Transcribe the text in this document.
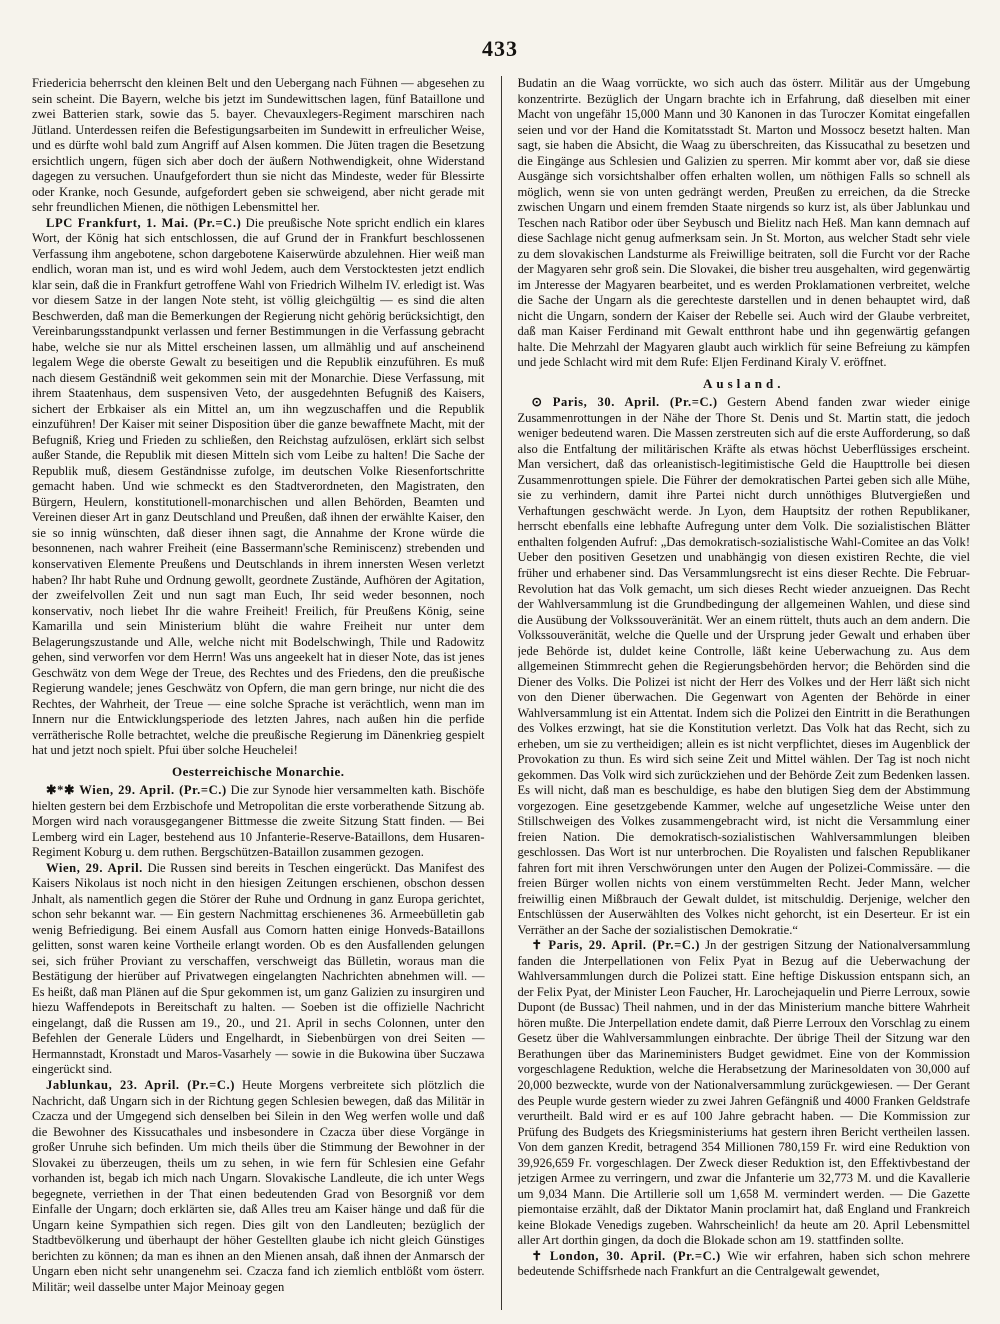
433

Friedericia beherrscht den kleinen Belt und den Uebergang nach Fühnen — abgesehen zu sein scheint. Die Bayern, welche bis jetzt im Sundewittschen lagen, fünf Bataillone und zwei Batterien stark, sowie das 5. bayer. Chevauxlegers-Regiment marschiren nach Jütland. Unterdessen reifen die Befestigungsarbeiten im Sundewitt in erfreulicher Weise, und es dürfte wohl bald zum Angriff auf Alsen kommen. Die Jüten tragen die Besetzung ersichtlich ungern, fügen sich aber doch der äußern Nothwendigkeit, ohne Widerstand dagegen zu versuchen. Unaufgefordert thun sie nicht das Mindeste, weder für Blessirte oder Kranke, noch Gesunde, aufgefordert geben sie schweigend, aber nicht gerade mit sehr freundlichen Mienen, die nöthigen Lebensmittel her.

LPC Frankfurt, 1. Mai. (Pr.=C.) Die preußische Note spricht endlich ein klares Wort, der König hat sich entschlossen, die auf Grund der in Frankfurt beschlossenen Verfassung ihm angebotene, schon dargebotene Kaiserwürde abzulehnen. Hier weiß man endlich, woran man ist, und es wird wohl Jedem, auch dem Verstocktesten jetzt endlich klar sein, daß die in Frankfurt getroffene Wahl von Friedrich Wilhelm IV. erledigt ist. Was vor diesem Satze in der langen Note steht, ist völlig gleichgültig — es sind die alten Beschwerden, daß man die Bemerkungen der Regierung nicht gehörig berücksichtigt, den Vereinbarungsstandpunkt verlassen und ferner Bestimmungen in die Verfassung gebracht habe, welche sie nur als Mittel erscheinen lassen, um allmählig und auf anscheinend legalem Wege die oberste Gewalt zu beseitigen und die Republik einzuführen. Es muß nach diesem Geständniß weit gekommen sein mit der Monarchie. Diese Verfassung, mit ihrem Staatenhaus, dem suspensiven Veto, der ausgedehnten Befugniß des Kaisers, sichert der Erbkaiser als ein Mittel an, um ihn wegzuschaffen und die Republik einzuführen! Der Kaiser mit seiner Disposition über die ganze bewaffnete Macht, mit der Befugniß, Krieg und Frieden zu schließen, den Reichstag aufzulösen, erklärt sich selbst außer Stande, die Republik mit diesen Mitteln sich vom Leibe zu halten! Die Sache der Republik muß, diesem Geständnisse zufolge, im deutschen Volke Riesenfortschritte gemacht haben. Und wie schmeckt es den Stadtverordneten, den Magistraten, den Bürgern, Heulern, konstitutionell-monarchischen und allen Behörden, Beamten und Vereinen dieser Art in ganz Deutschland und Preußen, daß ihnen der erwählte Kaiser, den sie so innig wünschten, daß dieser ihnen sagt, die Annahme der Krone würde die besonnenen, nach wahrer Freiheit (eine Bassermann'sche Reminiscenz) strebenden und konservativen Elemente Preußens und Deutschlands in ihrem innersten Wesen verletzt haben? Ihr habt Ruhe und Ordnung gewollt, geordnete Zustände, Aufhören der Agitation, der zweifelvollen Zeit und nun sagt man Euch, Ihr seid weder besonnen, noch konservativ, noch liebet Ihr die wahre Freiheit! Freilich, für Preußens König, seine Kamarilla und sein Ministerium blüht die wahre Freiheit nur unter dem Belagerungszustande und Alle, welche nicht mit Bodelschwingh, Thile und Radowitz gehen, sind verworfen vor dem Herrn! Was uns angeekelt hat in dieser Note, das ist jenes Geschwätz von dem Wege der Treue, des Rechtes und des Friedens, den die preußische Regierung wandele; jenes Geschwätz von Opfern, die man gern bringe, nur nicht die des Rechtes, der Wahrheit, der Treue — eine solche Sprache ist verächtlich, wenn man im Innern nur die Entwicklungsperiode des letzten Jahres, nach außen hin die perfide verrätherische Rolle betrachtet, welche die preußische Regierung im Dänenkrieg gespielt hat und jetzt noch spielt. Pfui über solche Heuchelei!

Oesterreichische Monarchie.

✱*✱ Wien, 29. April. (Pr.=C.) Die zur Synode hier versammelten kath. Bischöfe hielten gestern bei dem Erzbischofe und Metropolitan die erste vorberathende Sitzung ab. Morgen wird nach vorausgegangener Bittmesse die zweite Sitzung Statt finden. — Bei Lemberg wird ein Lager, bestehend aus 10 Jnfanterie-Reserve-Bataillons, dem Husaren-Regiment Koburg u. dem ruthen. Bergschützen-Bataillon zusammen gezogen.

Wien, 29. April. Die Russen sind bereits in Teschen eingerückt. Das Manifest des Kaisers Nikolaus ist noch nicht in den hiesigen Zeitungen erschienen, obschon dessen Jnhalt, als namentlich gegen die Störer der Ruhe und Ordnung in ganz Europa gerichtet, schon sehr bekannt war. — Ein gestern Nachmittag erschienenes 36. Armeebülletin gab wenig Befriedigung. Bei einem Ausfall aus Comorn hatten einige Honveds-Bataillons gelitten, sonst waren keine Vortheile erlangt worden. Ob es den Ausfallenden gelungen sei, sich früher Proviant zu verschaffen, verschweigt das Bülletin, woraus man die Bestätigung der hierüber auf Privatwegen eingelangten Nachrichten abnehmen will. — Es heißt, daß man Plänen auf die Spur gekommen ist, um ganz Galizien zu insurgiren und hiezu Waffendepots in Bereitschaft zu halten. — Soeben ist die offizielle Nachricht eingelangt, daß die Russen am 19., 20., und 21. April in sechs Colonnen, unter den Befehlen der Generale Lüders und Engelhardt, in Siebenbürgen von drei Seiten — Hermannstadt, Kronstadt und Maros-Vasarhely — sowie in die Bukowina über Suczawa eingerückt sind.

Jablunkau, 23. April. (Pr.=C.) Heute Morgens verbreitete sich plötzlich die Nachricht, daß Ungarn sich in der Richtung gegen Schlesien bewegen, daß das Militär in Czacza und der Umgegend sich denselben bei Silein in den Weg werfen wolle und daß die Bewohner des Kissucathales und insbesondere in Czacza über diese Vorgänge in großer Unruhe sich befinden. Um mich theils über die Stimmung der Bewohner in der Slovakei zu überzeugen, theils um zu sehen, in wie fern für Schlesien eine Gefahr vorhanden ist, begab ich mich nach Ungarn. Slovakische Landleute, die ich unter Wegs begegnete, verriethen in der That einen bedeutenden Grad von Besorgniß vor dem Einfalle der Ungarn; doch erklärten sie, daß Alles treu am Kaiser hänge und daß für die Ungarn keine Sympathien sich regen. Dies gilt von den Landleuten; bezüglich der Stadtbevölkerung und überhaupt der höher Gestellten glaube ich nicht gleich Günstiges berichten zu können; da man es ihnen an den Mienen ansah, daß ihnen der Anmarsch der Ungarn eben nicht sehr unangenehm sei. Czacza fand ich ziemlich entblößt vom österr. Militär; weil dasselbe unter Major Meinoay gegen

Budatin an die Waag vorrückte, wo sich auch das österr. Militär aus der Umgebung konzentrirte. Bezüglich der Ungarn brachte ich in Erfahrung, daß dieselben mit einer Macht von ungefähr 15,000 Mann und 30 Kanonen in das Turoczer Komitat eingefallen seien und vor der Hand die Komitatsstadt St. Marton und Mossocz besetzt halten. Man sagt, sie haben die Absicht, die Waag zu überschreiten, das Kissucathal zu besetzen und die Eingänge aus Schlesien und Galizien zu sperren. Mir kommt aber vor, daß sie diese Ausgänge sich vorsichtshalber offen erhalten wollen, um nöthigen Falls so schnell als möglich, wenn sie von unten gedrängt werden, Preußen zu erreichen, da die Strecke zwischen Ungarn und einem fremden Staate nirgends so kurz ist, als über Jablunkau und Teschen nach Ratibor oder über Seybusch und Bielitz nach Heß. Man kann demnach auf diese Sachlage nicht genug aufmerksam sein. Jn St. Morton, aus welcher Stadt sehr viele zu dem slovakischen Landsturme als Freiwillige beitraten, soll die Furcht vor der Rache der Magyaren sehr groß sein. Die Slovakei, die bisher treu ausgehalten, wird gegenwärtig im Jnteresse der Magyaren bearbeitet, und es werden Proklamationen verbreitet, welche die Sache der Ungarn als die gerechteste darstellen und in denen behauptet wird, daß nicht die Ungarn, sondern der Kaiser der Rebelle sei. Auch wird der Glaube verbreitet, daß man Kaiser Ferdinand mit Gewalt entthront habe und ihn gegenwärtig gefangen halte. Die Mehrzahl der Magyaren glaubt auch wirklich für seine Befreiung zu kämpfen und jede Schlacht wird mit dem Rufe: Eljen Ferdinand Kiraly V. eröffnet.

Ausland.

⊙ Paris, 30. April. (Pr.=C.) Gestern Abend fanden zwar wieder einige Zusammenrottungen in der Nähe der Thore St. Denis und St. Martin statt, die jedoch weniger bedeutend waren. Die Massen zerstreuten sich auf die erste Aufforderung, so daß also die Entfaltung der militärischen Kräfte als etwas höchst Ueberflüssiges erscheint. Man versichert, daß das orleanistisch-legitimistische Geld die Haupttrolle bei diesen Zusammenrottungen spiele. Die Führer der demokratischen Partei geben sich alle Mühe, sie zu verhindern, damit ihre Partei nicht durch unnöthiges Blutvergießen und Verhaftungen geschwächt werde. Jn Lyon, dem Hauptsitz der rothen Republikaner, herrscht ebenfalls eine lebhafte Aufregung unter dem Volk. Die sozialistischen Blätter enthalten folgenden Aufruf: „Das demokratisch-sozialistische Wahl-Comitee an das Volk! Ueber den positiven Gesetzen und unabhängig von diesen existiren Rechte, die viel früher und erhabener sind. Das Versammlungsrecht ist eins dieser Rechte. Die Februar-Revolution hat das Volk gemacht, um sich dieses Recht wieder anzueignen. Das Recht der Wahlversammlung ist die Grundbedingung der allgemeinen Wahlen, und diese sind die Ausübung der Volkssouveränität. Wer an einem rüttelt, thuts auch an dem andern. Die Volkssouveränität, welche die Quelle und der Ursprung jeder Gewalt und erhaben über jede Behörde ist, duldet keine Controlle, läßt keine Ueberwachung zu. Aus dem allgemeinen Stimmrecht gehen die Regierungsbehörden hervor; die Behörden sind die Diener des Volks. Die Polizei ist nicht der Herr des Volkes und der Herr läßt sich nicht von den Diener überwachen. Die Gegenwart von Agenten der Behörde in einer Wahlversammlung ist ein Attentat. Indem sich die Polizei den Eintritt in die Berathungen des Volkes erzwingt, hat sie die Konstitution verletzt. Das Volk hat das Recht, sich zu erheben, um sie zu vertheidigen; allein es ist nicht verpflichtet, dieses im Augenblick der Provokation zu thun. Es wird sich seine Zeit und Mittel wählen. Der Tag ist noch nicht gekommen. Das Volk wird sich zurückziehen und der Behörde Zeit zum Bedenken lassen. Es will nicht, daß man es beschuldige, es habe den blutigen Sieg dem der Abstimmung vorgezogen. Eine gesetzgebende Kammer, welche auf ungesetzliche Weise unter den Stillschweigen des Volkes zusammengebracht wird, ist nicht die Versammlung einer freien Nation. Die demokratisch-sozialistischen Wahlversammlungen bleiben geschlossen. Das Wort ist nur unterbrochen. Die Royalisten und falschen Republikaner fahren fort mit ihren Verschwörungen unter den Augen der Polizei-Commissäre. — die freien Bürger wollen nichts von einem verstümmelten Recht. Jeder Mann, welcher freiwillig einen Mißbrauch der Gewalt duldet, ist mitschuldig. Derjenige, welcher den Entschlüssen der Auserwählten des Volkes nicht gehorcht, ist ein Deserteur. Er ist ein Verräther an der Sache der sozialistischen Demokratie.“

✝ Paris, 29. April. (Pr.=C.) Jn der gestrigen Sitzung der Nationalversammlung fanden die Jnterpellationen von Felix Pyat in Bezug auf die Ueberwachung der Wahlversammlungen durch die Polizei statt. Eine heftige Diskussion entspann sich, an der Felix Pyat, der Minister Leon Faucher, Hr. Larochejaquelin und Pierre Lerroux, sowie Dupont (de Bussac) Theil nahmen, und in der das Ministerium manche bittere Wahrheit hören mußte. Die Jnterpellation endete damit, daß Pierre Lerroux den Vorschlag zu einem Gesetz über die Wahlversammlungen einbrachte. Der übrige Theil der Sitzung war den Berathungen über das Marineministers Budget gewidmet. Eine von der Kommission vorgeschlagene Reduktion, welche die Herabsetzung der Marinesoldaten von 30,000 auf 20,000 bezweckte, wurde von der Nationalversammlung zurückgewiesen. — Der Gerant des Peuple wurde gestern wieder zu zwei Jahren Gefängniß und 4000 Franken Geldstrafe verurtheilt. Bald wird er es auf 100 Jahre gebracht haben. — Die Kommission zur Prüfung des Budgets des Kriegsministeriums hat gestern ihren Bericht vertheilen lassen. Von dem ganzen Kredit, betragend 354 Millionen 780,159 Fr. wird eine Reduktion von 39,926,659 Fr. vorgeschlagen. Der Zweck dieser Reduktion ist, den Effektivbestand der jetzigen Armee zu verringern, und zwar die Jnfanterie um 32,773 M. und die Kavallerie um 9,034 Mann. Die Artillerie soll um 1,658 M. vermindert werden. — Die Gazette piemontaise erzählt, daß der Diktator Manin proclamirt hat, daß England und Frankreich keine Blokade Venedigs zugeben. Wahrscheinlich! da heute am 20. April Lebensmittel aller Art dorthin gingen, da doch die Blokade schon am 19. stattfinden sollte.

✝ London, 30. April. (Pr.=C.) Wie wir erfahren, haben sich schon mehrere bedeutende Schiffsrhede nach Frankfurt an die Centralgewalt gewendet,
